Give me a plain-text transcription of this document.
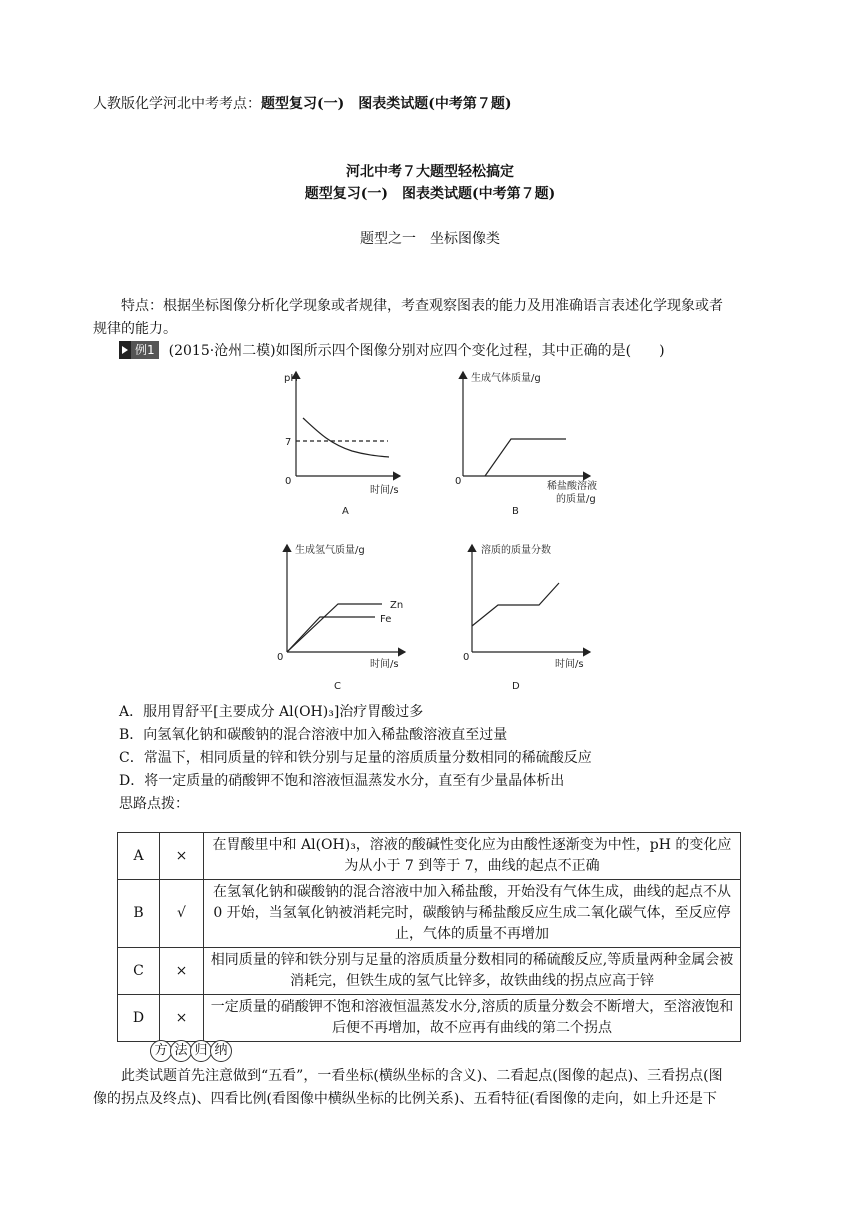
人教版化学河北中考考点：题型复习(一)　图表类试题(中考第７题)
河北中考７大题型轻松搞定
题型复习(一)　图表类试题(中考第７题)
题型之一　坐标图像类
特点：根据坐标图像分析化学现象或者规律，考查观察图表的能力及用准确语言表述化学现象或者
规律的能力。
例1 (2015·沧州二模)如图所示四个图像分别对应四个变化过程，其中正确的是(　　)
pH
7
0
时间/s
A
生成气体质量/g
0	稀盐酸溶液
的质量/g
B
生成氢气质量/g
0
Zn
Fe
时间/s
C
溶质的质量分数
0
时间/s
D
A．服用胃舒平[主要成分 Al(OH)₃]治疗胃酸过多
B．向氢氧化钠和碳酸钠的混合溶液中加入稀盐酸溶液直至过量
C．常温下，相同质量的锌和铁分别与足量的溶质质量分数相同的稀硫酸反应
D．将一定质量的硝酸钾不饱和溶液恒温蒸发水分，直至有少量晶体析出
思路点拨：
A	×	在胃酸里中和 Al(OH)₃，溶液的酸碱性变化应为由酸性逐渐变为中性，pH 的变化应为从小于 7 到等于 7，曲线的起点不正确
B	√	在氢氧化钠和碳酸钠的混合溶液中加入稀盐酸，开始没有气体生成，曲线的起点不从 0 开始，当氢氧化钠被消耗完时，碳酸钠与稀盐酸反应生成二氧化碳气体，至反应停止，气体的质量不再增加
C	×	相同质量的锌和铁分别与足量的溶质质量分数相同的稀硫酸反应,等质量两种金属会被消耗完，但铁生成的氢气比锌多，故铁曲线的拐点应高于锌
D	×	一定质量的硝酸钾不饱和溶液恒温蒸发水分,溶质的质量分数会不断增大，至溶液饱和后便不再增加，故不应再有曲线的第二个拐点
方 法 归 纳
此类试题首先注意做到“五看”，一看坐标(横纵坐标的含义)、二看起点(图像的起点)、三看拐点(图
像的拐点及终点)、四看比例(看图像中横纵坐标的比例关系)、五看特征(看图像的走向，如上升还是下
